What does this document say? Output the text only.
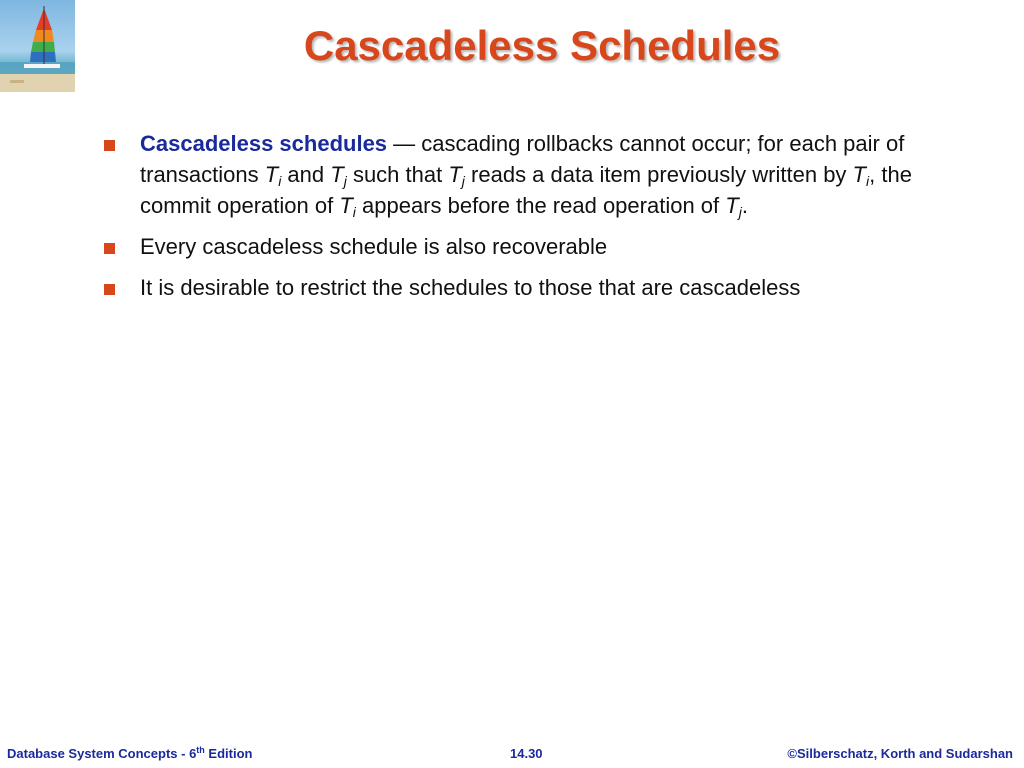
Cascadeless Schedules
Cascadeless schedules — cascading rollbacks cannot occur; for each pair of transactions $T_i$ and $T_j$ such that $T_j$ reads a data item previously written by $T_i$, the commit operation of $T_i$ appears before the read operation of $T_j$.
Every cascadeless schedule is also recoverable
It is desirable to restrict the schedules to those that are cascadeless
Database System Concepts - 6th Edition	14.30	©Silberschatz, Korth and Sudarshan
